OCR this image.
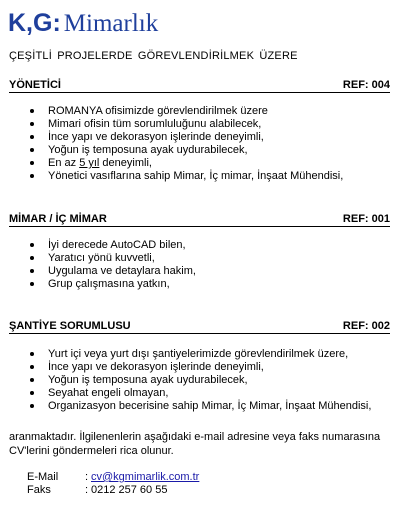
K,G: Mimarlık
ÇEŞİTLİ PROJELERDE GÖREVLENDİRİLMEK ÜZERE
YÖNETİCİ	REF: 004
ROMANYA ofisimizde görevlendirilmek üzere
Mimari ofisin tüm sorumluluğunu alabilecek,
İnce yapı ve dekorasyon işlerinde deneyimli,
Yoğun iş temposuna ayak uydurabilecek,
En az 5 yıl deneyimli,
Yönetici vasıflarına sahip Mimar, İç mimar, İnşaat Mühendisi,
MİMAR / İÇ MİMAR	REF: 001
İyi derecede AutoCAD bilen,
Yaratıcı yönü kuvvetli,
Uygulama ve detaylara hakim,
Grup çalışmasına yatkın,
ŞANTİYE SORUMLUSU	REF: 002
Yurt içi veya yurt dışı şantiyelerimizde görevlendirilmek üzere,
İnce yapı ve dekorasyon işlerinde deneyimli,
Yoğun iş temposuna ayak uydurabilecek,
Seyahat engeli olmayan,
Organizasyon becerisine sahip Mimar, İç Mimar, İnşaat Mühendisi,
aranmaktadır. İlgilenenlerin aşağıdaki e-mail adresine veya faks numarasına CV'lerini göndermeleri rica olunur.
E-Mail : cv@kgmimarlik.com.tr
Faks	: 0212 257 60 55
